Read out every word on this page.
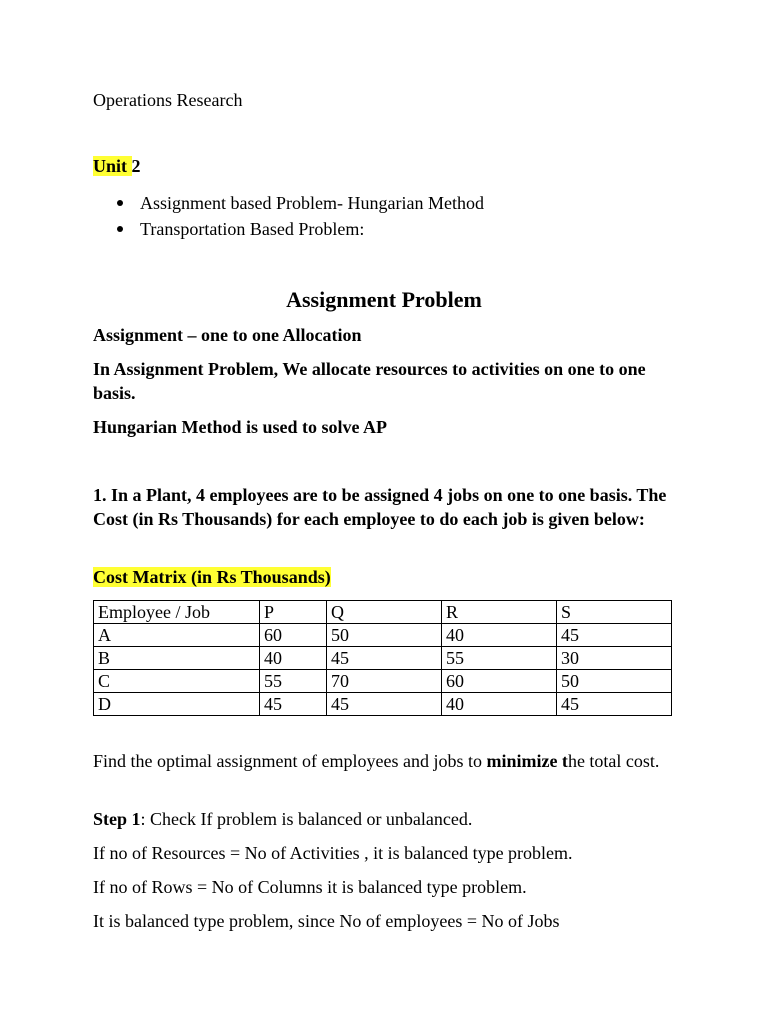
Operations Research
Unit 2
Assignment based Problem- Hungarian Method
Transportation Based Problem:
Assignment Problem
Assignment – one to one Allocation
In Assignment Problem, We allocate resources to activities on one to one basis.
Hungarian Method is used to solve AP
1. In a Plant, 4 employees are to be assigned 4 jobs on one to one basis. The Cost (in Rs Thousands) for each employee to do each job is given below:
Cost Matrix (in Rs Thousands)
Employee / Job	P	Q	R	S
A	60	50	40	45
B	40	45	55	30
C	55	70	60	50
D	45	45	40	45
Find the optimal assignment of employees and jobs to minimize the total cost.
Step 1: Check If problem is balanced or unbalanced.
If no of Resources = No of Activities , it is balanced type problem.
If no of Rows = No of Columns it is balanced type problem.
It is balanced type problem, since No of employees = No of Jobs
